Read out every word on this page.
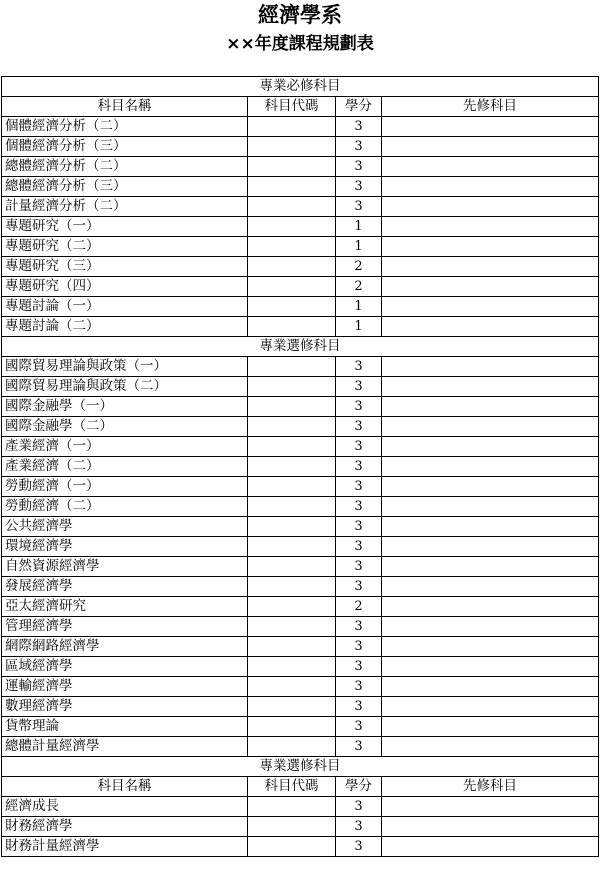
經濟學系
××年度課程規劃表
專業必修科目			
科目名稱	科目代碼	學分	先修科目
個體經濟分析（二）		3	
個體經濟分析（三）		3	
總體經濟分析（二）		3	
總體經濟分析（三）		3	
計量經濟分析（二）		3	
專題研究（一）		1	
專題研究（二）		1	
專題研究（三）		2	
專題研究（四）		2	
專題討論（一）		1	
專題討論（二）		1	
專業選修科目			
國際貿易理論與政策（一）		3	
國際貿易理論與政策（二）		3	
國際金融學（一）		3	
國際金融學（二）		3	
產業經濟（一）		3	
產業經濟（二）		3	
勞動經濟（一）		3	
勞動經濟（二）		3	
公共經濟學		3	
環境經濟學		3	
自然資源經濟學		3	
發展經濟學		3	
亞太經濟研究		2	
管理經濟學		3	
網際網路經濟學		3	
區域經濟學		3	
運輸經濟學		3	
數理經濟學		3	
貨幣理論		3	
總體計量經濟學		3	
專業選修科目			
科目名稱	科目代碼	學分	先修科目
經濟成長		3	
財務經濟學		3	
財務計量經濟學		3	
